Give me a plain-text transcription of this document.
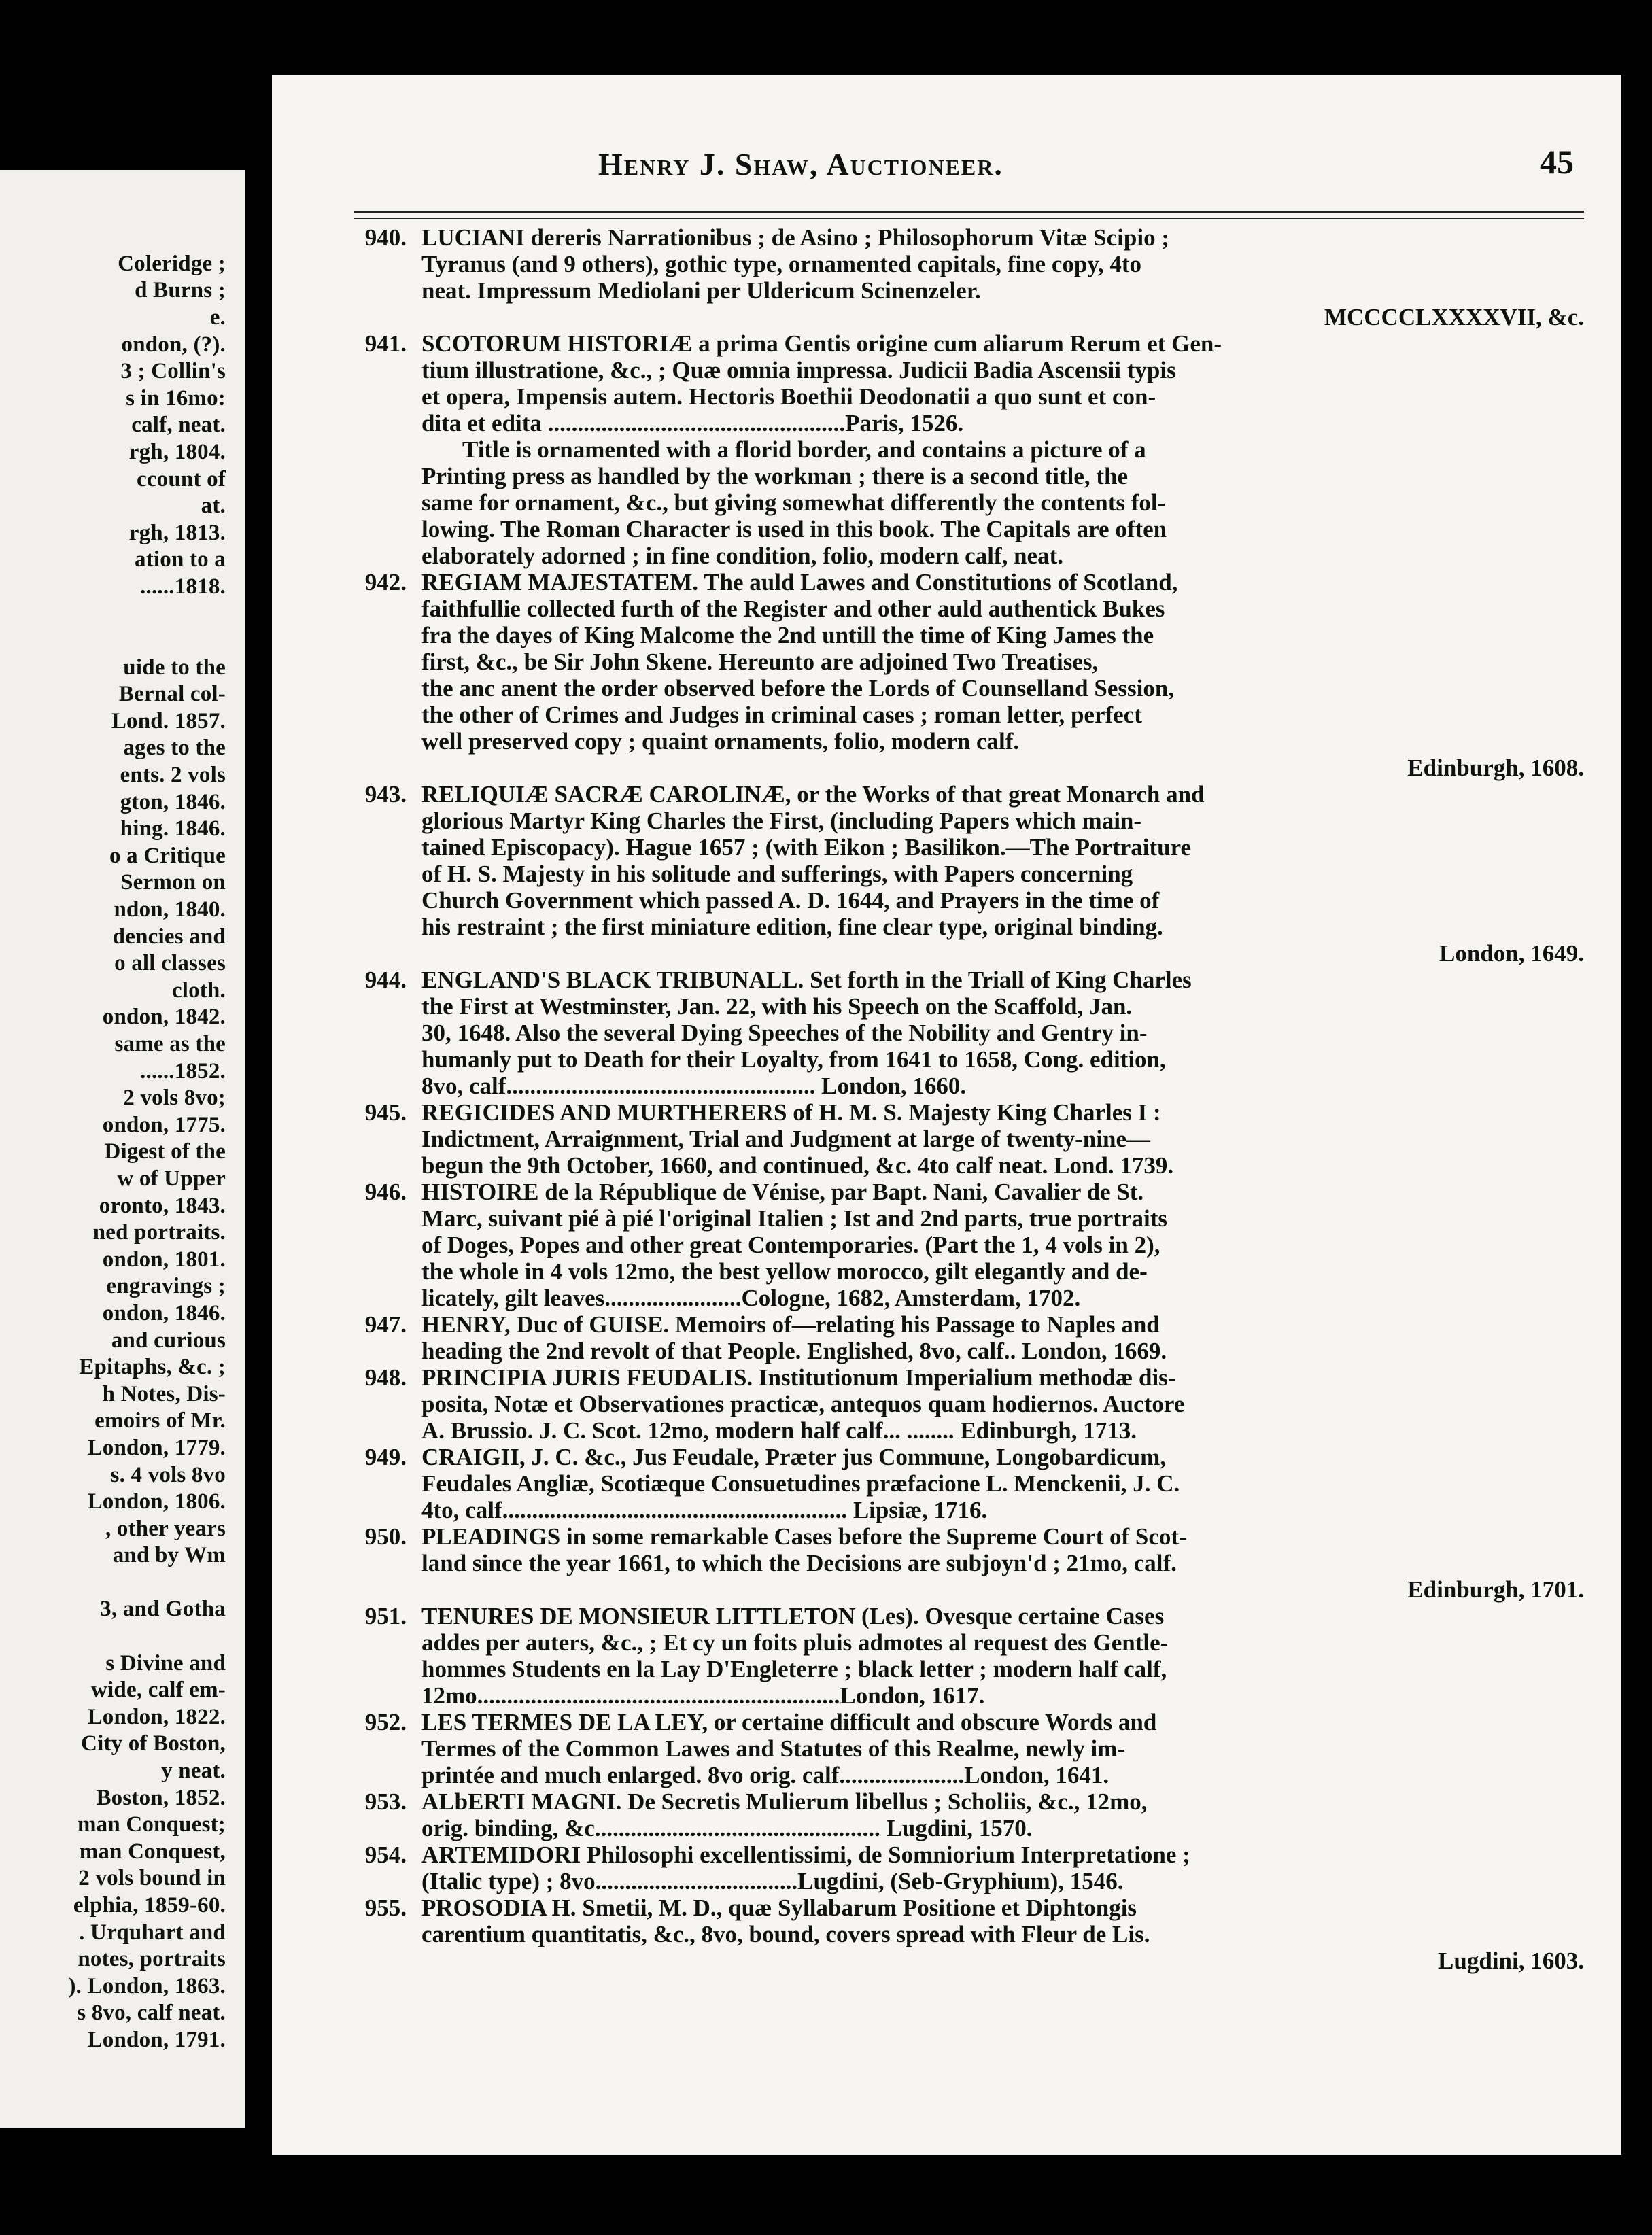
Coleridge ;
d Burns ;
e.
ondon, (?).
3 ; Collin's
s in 16mo:
calf, neat.
rgh, 1804.
ccount of
at.
rgh, 1813.
ation to a
......1818.
uide to the
Bernal col-
Lond. 1857.
ages to the
ents. 2 vols
gton, 1846.
hing. 1846.
o a Critique
Sermon on
ndon, 1840.
dencies and
o all classes
cloth.
ondon, 1842.
same as the
......1852.
2 vols 8vo;
ondon, 1775.
Digest of the
w of Upper
oronto, 1843.
ned portraits.
ondon, 1801.
engravings ;
ondon, 1846.
and curious
Epitaphs, &c. ;
h Notes, Dis-
emoirs of Mr.
London, 1779.
s. 4 vols 8vo
London, 1806.
, other years
and by Wm
3, and Gotha
s Divine and
wide, calf em-
London, 1822.
City of Boston,
y neat.
Boston, 1852.
man Conquest;
man Conquest,
2 vols bound in
elphia, 1859-60.
. Urquhart and
notes, portraits
). London, 1863.
s 8vo, calf neat.
London, 1791.
Henry J. Shaw, Auctioneer.	45
940. LUCIANI dereris Narrationibus ; de Asino ; Philosophorum Vitæ Scipio ;
Tyranus (and 9 others), gothic type, ornamented capitals, fine copy, 4to
neat. Impressum Mediolani per Uldericum Scinenzeler.
MCCCCLXXXXVII, &c.
941. SCOTORUM HISTORIÆ a prima Gentis origine cum aliarum Rerum et Gen-
tium illustratione, &c., ; Quæ omnia impressa. Judicii Badia Ascensii typis
et opera, Impensis autem. Hectoris Boethii Deodonatii a quo sunt et con-
dita et edita ..................................................Paris, 1526.
Title is ornamented with a florid border, and contains a picture of a
Printing press as handled by the workman ; there is a second title, the
same for ornament, &c., but giving somewhat differently the contents fol-
lowing. The Roman Character is used in this book. The Capitals are often
elaborately adorned ; in fine condition, folio, modern calf, neat.
942. REGIAM MAJESTATEM. The auld Lawes and Constitutions of Scotland,
faithfullie collected furth of the Register and other auld authentick Bukes
fra the dayes of King Malcome the 2nd untill the time of King James the
first, &c., be Sir John Skene. Hereunto are adjoined Two Treatises,
the anc anent the order observed before the Lords of Counselland Session,
the other of Crimes and Judges in criminal cases ; roman letter, perfect
well preserved copy ; quaint ornaments, folio, modern calf.
Edinburgh, 1608.
943. RELIQUIÆ SACRÆ CAROLINÆ, or the Works of that great Monarch and
glorious Martyr King Charles the First, (including Papers which main-
tained Episcopacy). Hague 1657 ; (with Eikon ; Basilikon.—The Portraiture
of H. S. Majesty in his solitude and sufferings, with Papers concerning
Church Government which passed A. D. 1644, and Prayers in the time of
his restraint ; the first miniature edition, fine clear type, original binding.
London, 1649.
944. ENGLAND'S BLACK TRIBUNALL. Set forth in the Triall of King Charles
the First at Westminster, Jan. 22, with his Speech on the Scaffold, Jan.
30, 1648. Also the several Dying Speeches of the Nobility and Gentry in-
humanly put to Death for their Loyalty, from 1641 to 1658, Cong. edition,
8vo, calf.................................................... London, 1660.
945. REGICIDES AND MURTHERERS of H. M. S. Majesty King Charles I :
Indictment, Arraignment, Trial and Judgment at large of twenty-nine—
begun the 9th October, 1660, and continued, &c. 4to calf neat. Lond. 1739.
946. HISTOIRE de la République de Vénise, par Bapt. Nani, Cavalier de St.
Marc, suivant pié à pié l'original Italien ; Ist and 2nd parts, true portraits
of Doges, Popes and other great Contemporaries. (Part the 1, 4 vols in 2),
the whole in 4 vols 12mo, the best yellow morocco, gilt elegantly and de-
licately, gilt leaves.......................Cologne, 1682, Amsterdam, 1702.
947. HENRY, Duc of GUISE. Memoirs of—relating his Passage to Naples and
heading the 2nd revolt of that People. Englished, 8vo, calf.. London, 1669.
948. PRINCIPIA JURIS FEUDALIS. Institutionum Imperialium methodæ dis-
posita, Notæ et Observationes practicæ, antequos quam hodiernos. Auctore
A. Brussio. J. C. Scot. 12mo, modern half calf... ........ Edinburgh, 1713.
949. CRAIGII, J. C. &c., Jus Feudale, Præter jus Commune, Longobardicum,
Feudales Angliæ, Scotiæque Consuetudines præfacione L. Menckenii, J. C.
4to, calf.......................................................... Lipsiæ, 1716.
950. PLEADINGS in some remarkable Cases before the Supreme Court of Scot-
land since the year 1661, to which the Decisions are subjoyn'd ; 21mo, calf.
Edinburgh, 1701.
951. TENURES DE MONSIEUR LITTLETON (Les). Ovesque certaine Cases
addes per auters, &c., ; Et cy un foits pluis admotes al request des Gentle-
hommes Students en la Lay D'Engleterre ; black letter ; modern half calf,
12mo.............................................................London, 1617.
952. LES TERMES DE LA LEY, or certaine difficult and obscure Words and
Termes of the Common Lawes and Statutes of this Realme, newly im-
printée and much enlarged. 8vo orig. calf.....................London, 1641.
953. ALbERTI MAGNI. De Secretis Mulierum libellus ; Scholiis, &c., 12mo,
orig. binding, &c................................................ Lugdini, 1570.
954. ARTEMIDORI Philosophi excellentissimi, de Somniorium Interpretatione ;
(Italic type) ; 8vo..................................Lugdini, (Seb-Gryphium), 1546.
955. PROSODIA H. Smetii, M. D., quæ Syllabarum Positione et Diphtongis
carentium quantitatis, &c., 8vo, bound, covers spread with Fleur de Lis.
Lugdini, 1603.
